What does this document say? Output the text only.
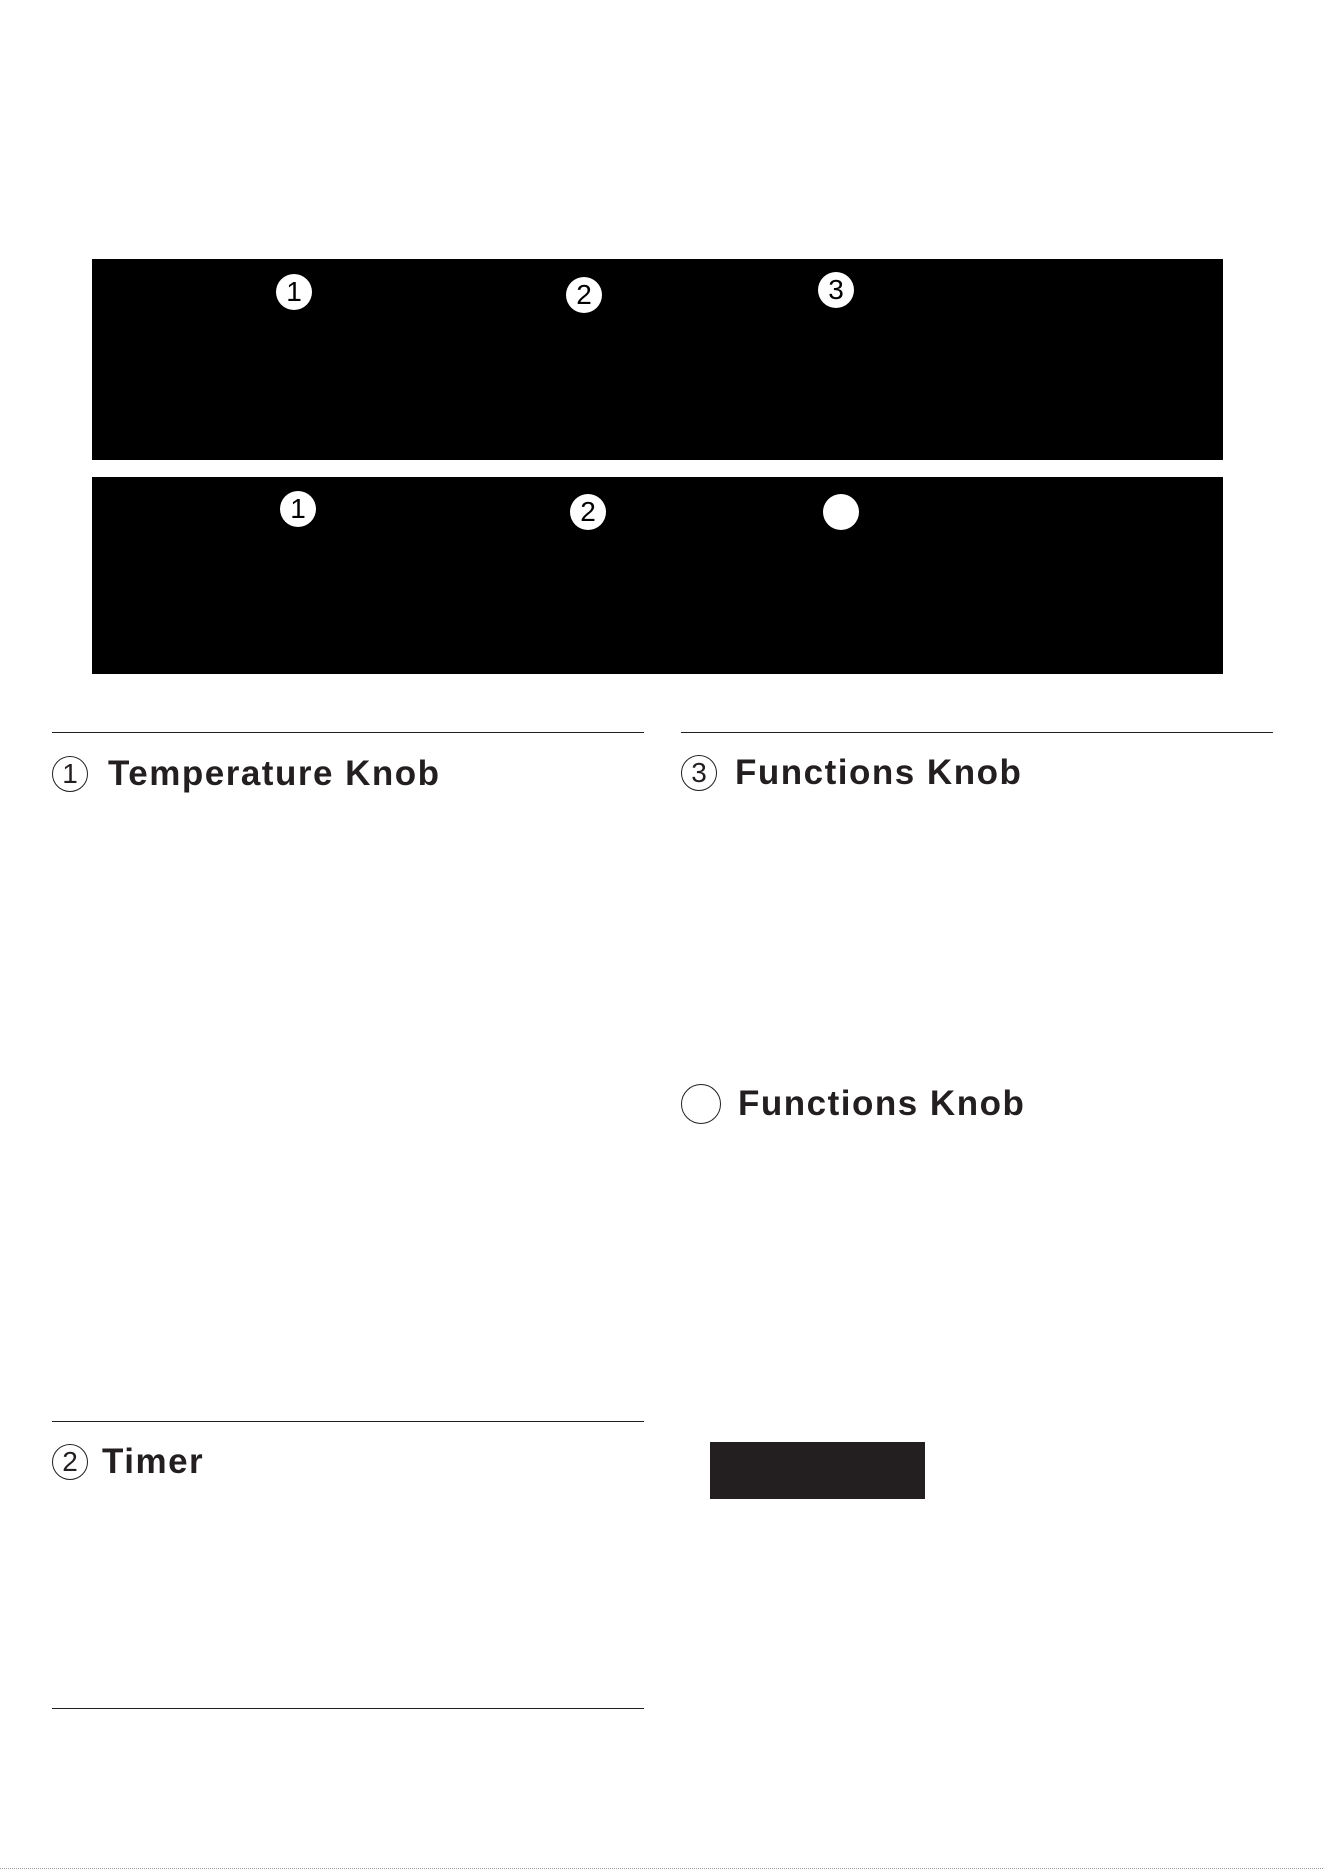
1	2	3
1	2
1 Temperature Knob
2 Timer
3 Functions Knob
Functions Knob
